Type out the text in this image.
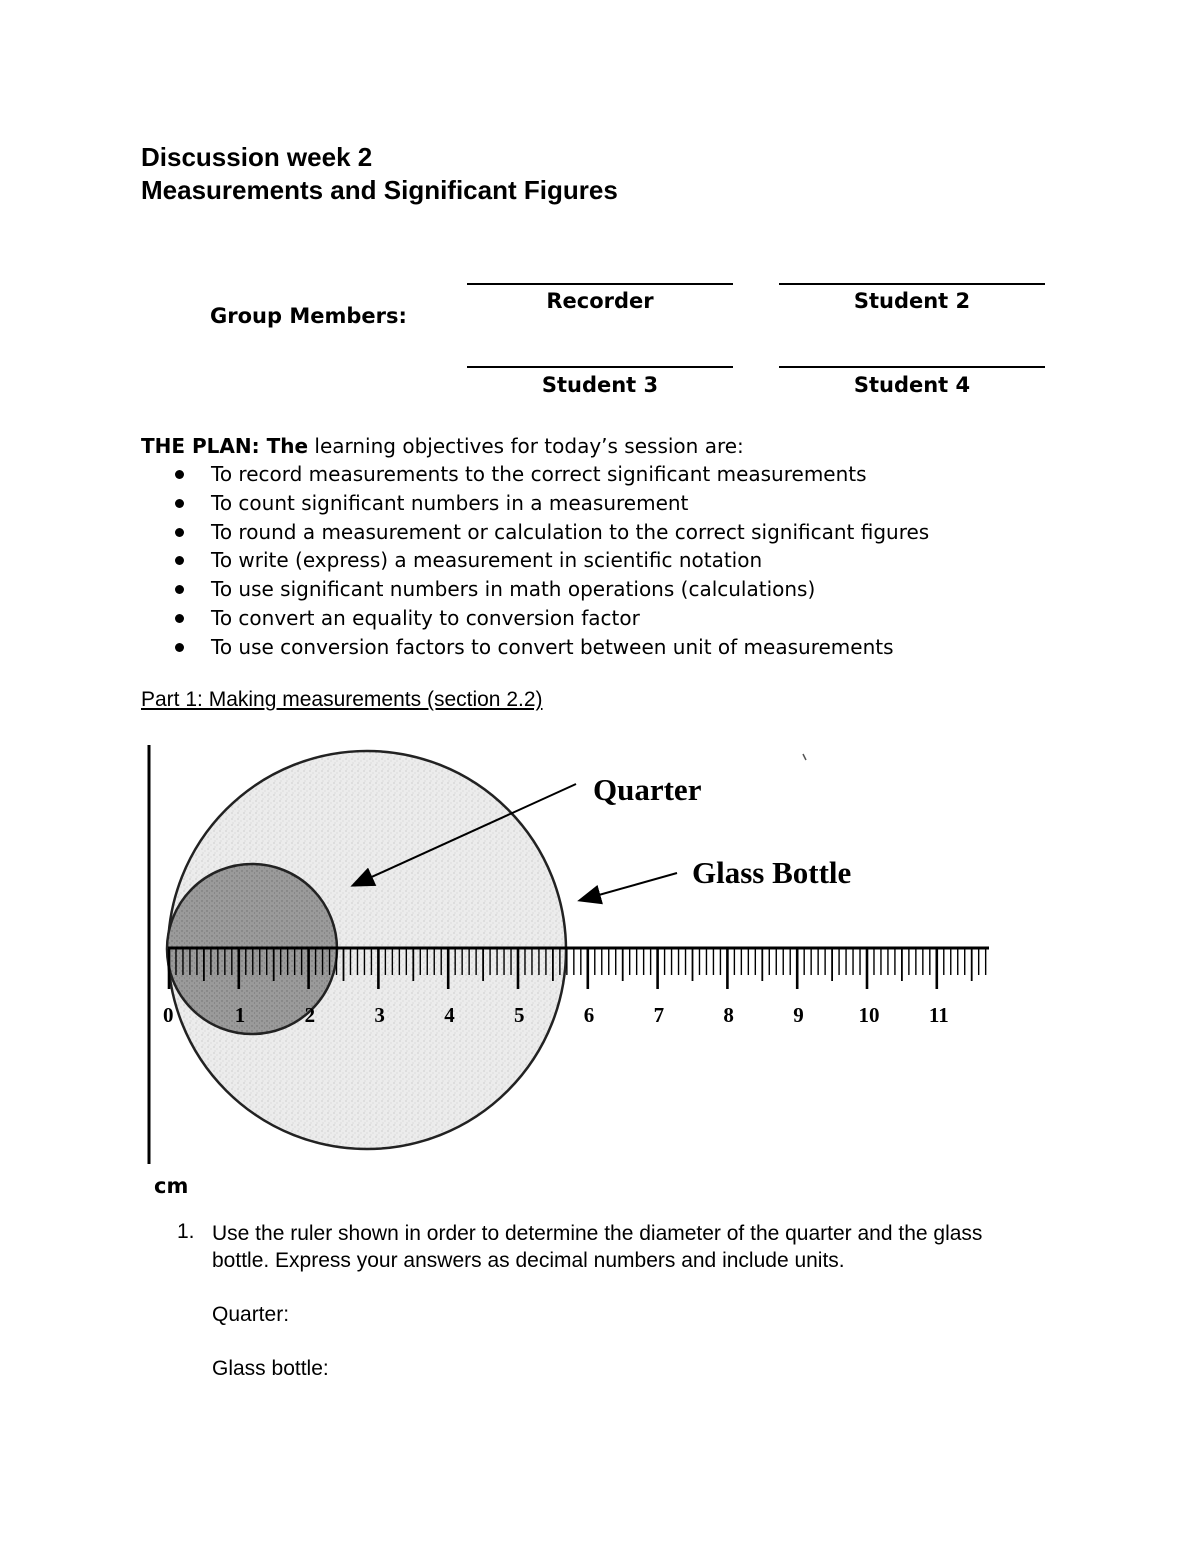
Discussion week 2
Measurements and Significant Figures
Group Members:
Recorder	Student 2
Student 3	Student 4
THE PLAN: The learning objectives for today’s session are:
To record measurements to the correct significant measurements
To count significant numbers in a measurement
To round a measurement or calculation to the correct significant figures
To write (express) a measurement in scientific notation
To use significant numbers in math operations (calculations)
To convert an equality to conversion factor
To use conversion factors to convert between unit of measurements
Part 1: Making measurements (section 2.2)
0	1	2	3	4	5	6	7	8	9	10 11
Quarter
Glass Bottle
cm
1. Use the ruler shown in order to determine the diameter of the quarter and the glass bottle. Express your answers as decimal numbers and include units.
Quarter:
Glass bottle:
